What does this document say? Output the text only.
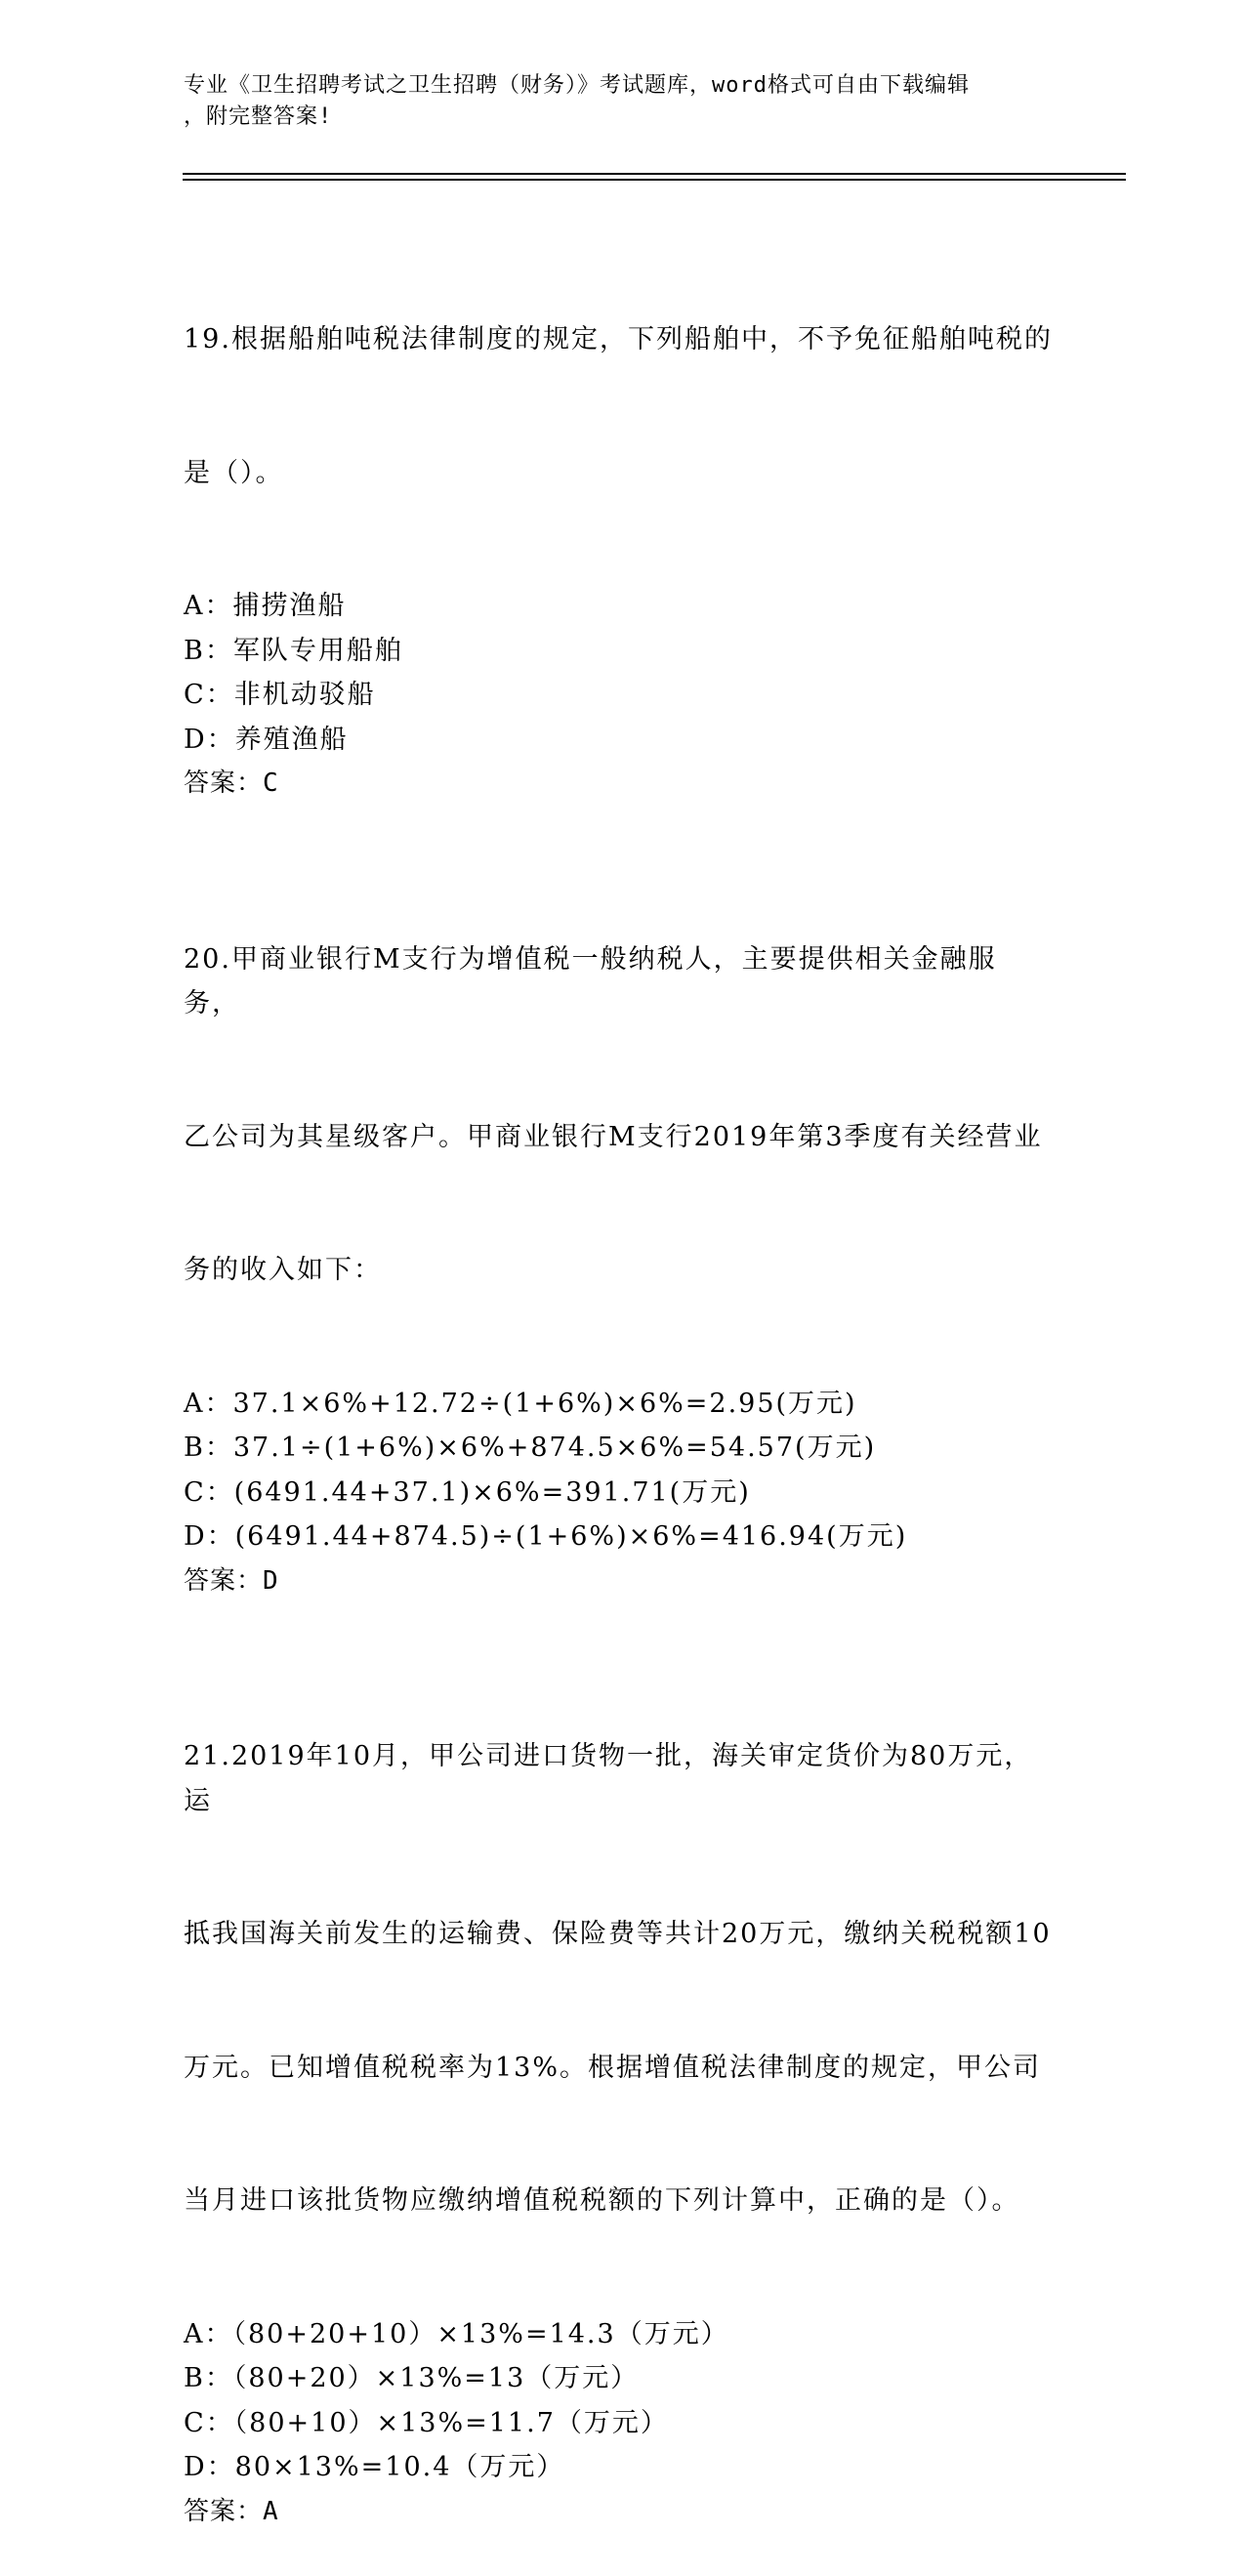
专业《卫生招聘考试之卫生招聘（财务）》考试题库，word格式可自由下载编辑
，附完整答案!

19.根据船舶吨税法律制度的规定，下列船舶中，不予免征船舶吨税的

是（）。

A：捕捞渔船
B：军队专用船舶
C：非机动驳船
D：养殖渔船
答案：C

20.甲商业银行M支行为增值税一般纳税人，主要提供相关金融服务，

乙公司为其星级客户。甲商业银行M支行2019年第3季度有关经营业

务的收入如下：

A：37.1×6%+12.72÷(1+6%)×6%=2.95(万元)
B：37.1÷(1+6%)×6%+874.5×6%=54.57(万元)
C：(6491.44+37.1)×6%=391.71(万元)
D：(6491.44+874.5)÷(1+6%)×6%=416.94(万元)
答案：D

21.2019年10月，甲公司进口货物一批，海关审定货价为80万元，运

抵我国海关前发生的运输费、保险费等共计20万元，缴纳关税税额10

万元。已知增值税税率为13%。根据增值税法律制度的规定，甲公司

当月进口该批货物应缴纳增值税税额的下列计算中，正确的是（）。

A：（80+20+10）×13%=14.3（万元）
B：（80+20）×13%=13（万元）
C：（80+10）×13%=11.7（万元）
D：80×13%=10.4（万元）
答案：A
